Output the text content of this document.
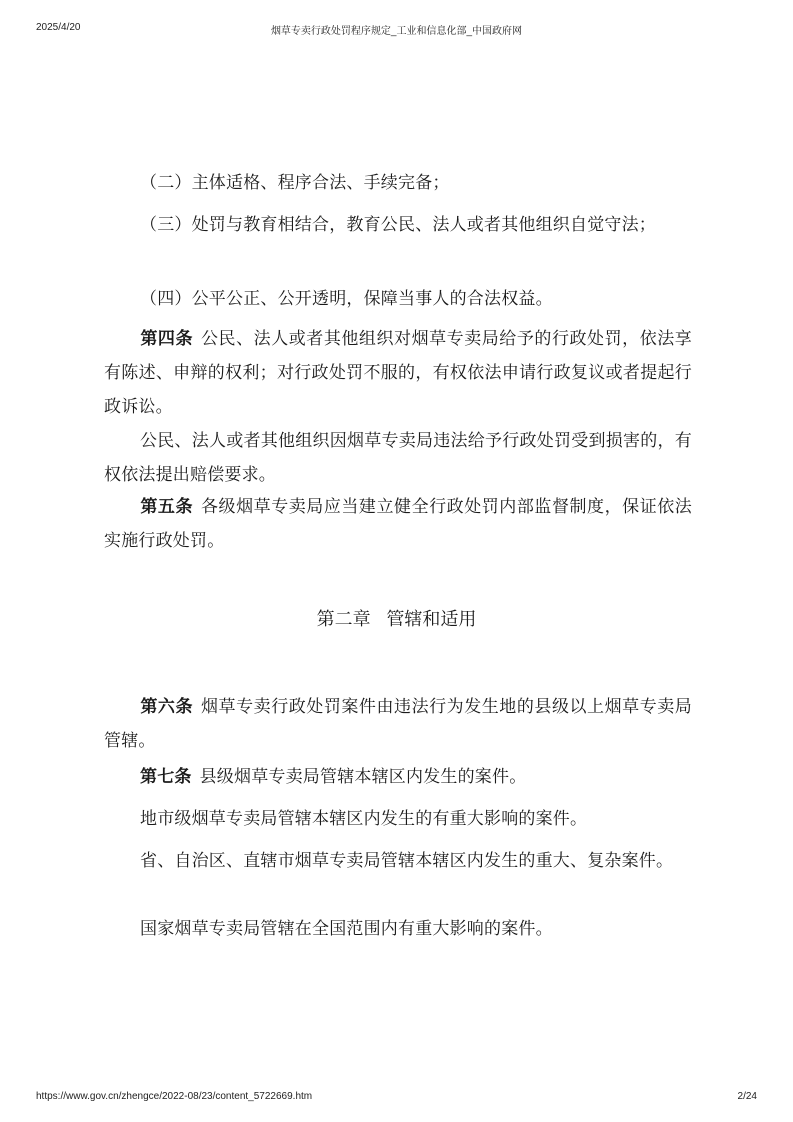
2025/4/20	烟草专卖行政处罚程序规定_工业和信息化部_中国政府网
（二）主体适格、程序合法、手续完备；
（三）处罚与教育相结合，教育公民、法人或者其他组织自觉守法；
（四）公平公正、公开透明，保障当事人的合法权益。
第四条 公民、法人或者其他组织对烟草专卖局给予的行政处罚，依法享有陈述、申辩的权利；对行政处罚不服的，有权依法申请行政复议或者提起行政诉讼。
公民、法人或者其他组织因烟草专卖局违法给予行政处罚受到损害的，有权依法提出赔偿要求。
第五条 各级烟草专卖局应当建立健全行政处罚内部监督制度，保证依法实施行政处罚。
第二章 管辖和适用
第六条 烟草专卖行政处罚案件由违法行为发生地的县级以上烟草专卖局管辖。
第七条 县级烟草专卖局管辖本辖区内发生的案件。
地市级烟草专卖局管辖本辖区内发生的有重大影响的案件。
省、自治区、直辖市烟草专卖局管辖本辖区内发生的重大、复杂案件。
国家烟草专卖局管辖在全国范围内有重大影响的案件。
https://www.gov.cn/zhengce/2022-08/23/content_5722669.htm	2/24
